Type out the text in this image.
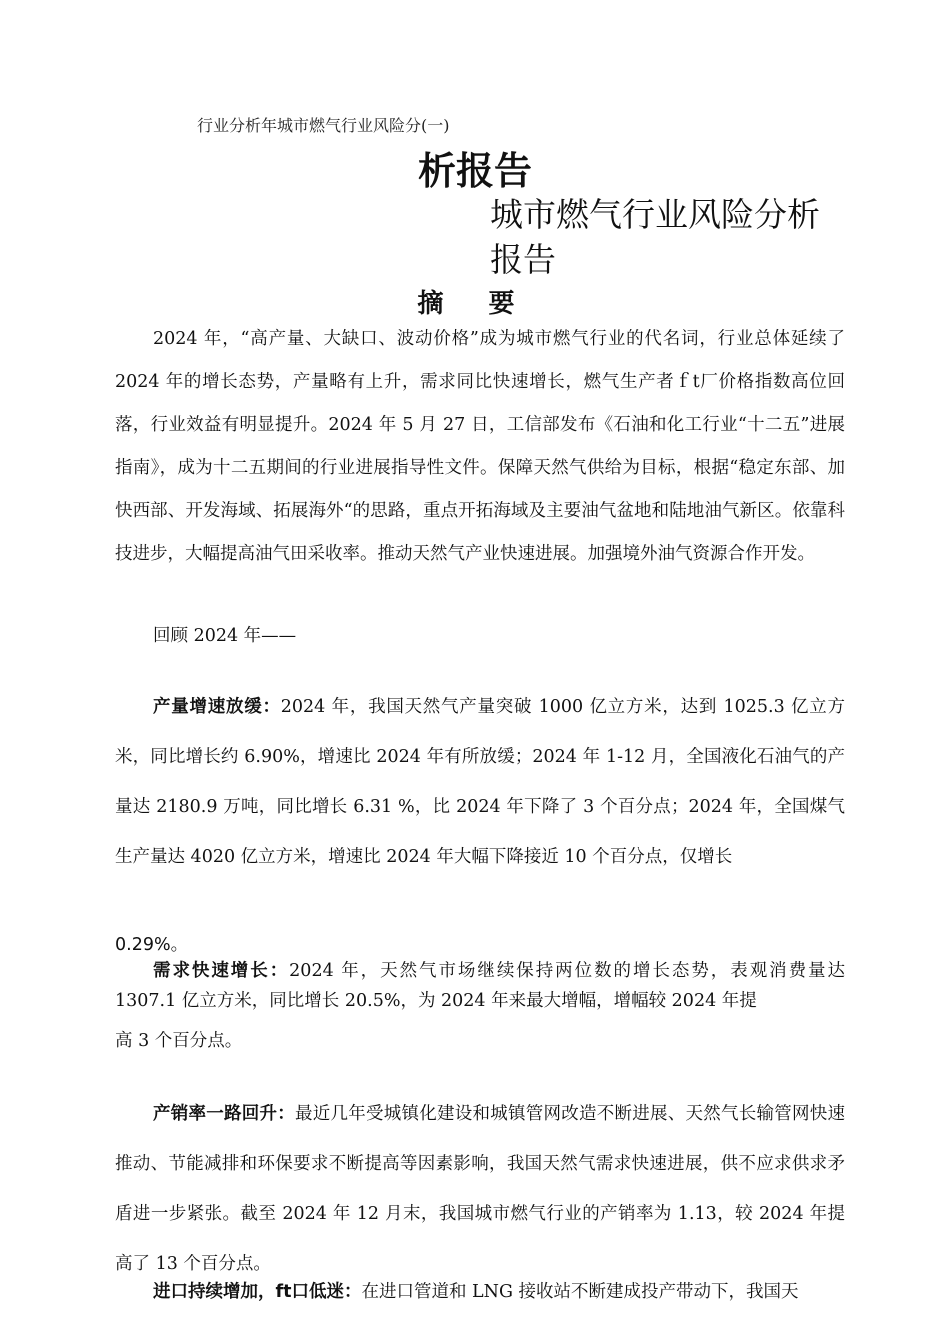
行业分析年城市燃气行业风险分(一)
析报告
城市燃气行业风险分析报告
摘 要
2024 年，“高产量、大缺口、波动价格”成为城市燃气行业的代名词，行业总体延续了 2024 年的增长态势，产量略有上升，需求同比快速增长，燃气生产者ｆt厂价格指数高位回落，行业效益有明显提升。2024 年 5 月 27 日，工信部发布《石油和化工行业“十二五”进展指南》，成为十二五期间的行业进展指导性文件。保障天然气供给为目标，根据“稳定东部、加快西部、开发海域、拓展海外“的思路，重点开拓海域及主要油气盆地和陆地油气新区。依靠科技进步，大幅提高油气田采收率。推动天然气产业快速进展。加强境外油气资源合作开发。
回顾 2024 年——
产量增速放缓：2024 年，我国天然气产量突破 1000 亿立方米，达到 1025.3 亿立方米，同比增长约 6.90%，增速比 2024 年有所放缓；2024 年 1-12 月，全国液化石油气的产量达 2180.9 万吨，同比增长 6.31 %，比 2024 年下降了 3 个百分点；2024 年，全国煤气生产量达 4020 亿立方米，增速比 2024 年大幅下降接近 10 个百分点，仅增长
0.29%。
需求快速增长：2024 年，天然气市场继续保持两位数的增长态势，表观消费量达 1307.1 亿立方米，同比增长 20.5%，为 2024 年来最大增幅，增幅较 2024 年提
高 3 个百分点。
产销率一路回升：最近几年受城镇化建设和城镇管网改造不断进展、天然气长输管网快速推动、节能减排和环保要求不断提高等因素影响，我国天然气需求快速进展，供不应求供求矛盾进一步紧张。截至 2024 年 12 月末，我国城市燃气行业的产销率为 1.13，较 2024 年提高了 13 个百分点。
进口持续增加，ft口低迷：在进口管道和 LNG 接收站不断建成投产带动下，我国天
